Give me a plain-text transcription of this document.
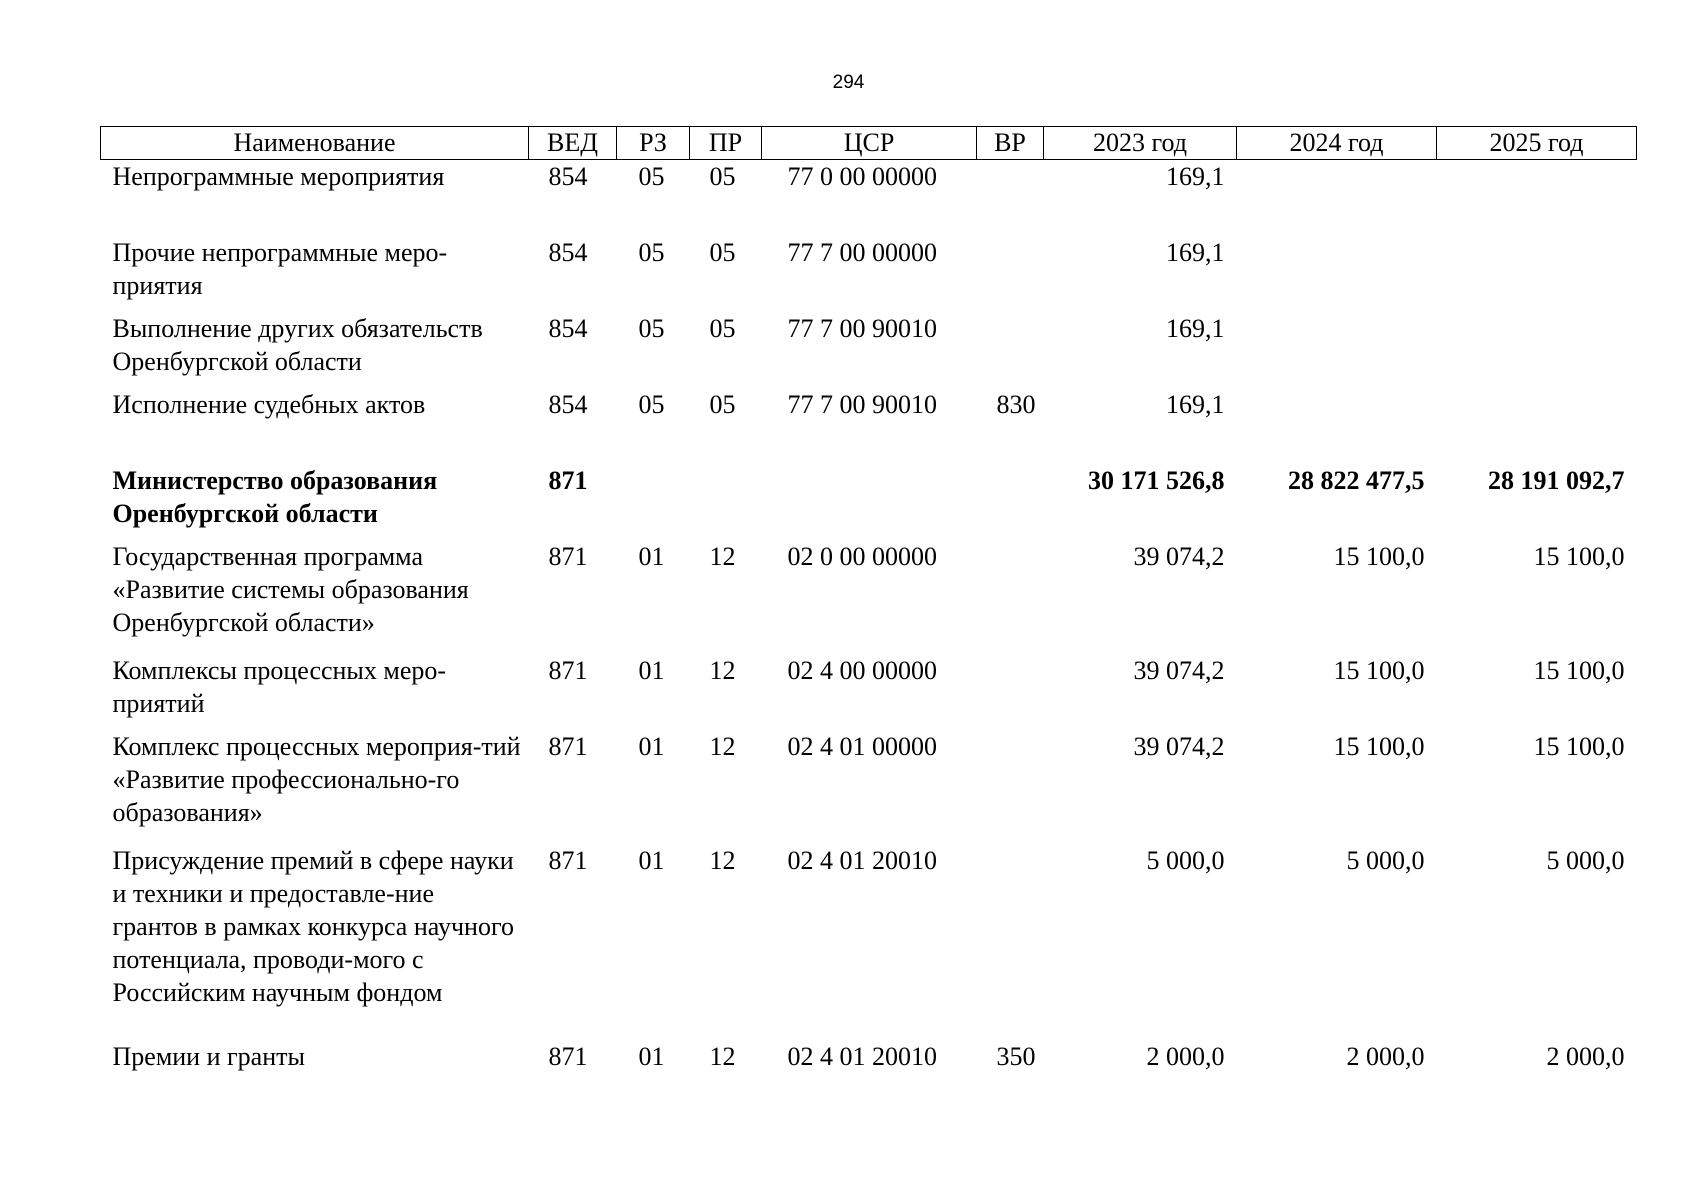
294
Наименование	ВЕД	РЗ	ПР	ЦСР	ВР	2023 год	2024 год	2025 год
Непрограммные мероприятия	854	05	05	77 0 00 00000		169,1		
Прочие непрограммные меро-приятия	854	05	05	77 7 00 00000		169,1		
Выполнение других обязательств Оренбургской области	854	05	05	77 7 00 90010		169,1		
Исполнение судебных актов	854	05	05	77 7 00 90010	830	169,1		
Министерство образования Оренбургской области	871					30 171 526,8	28 822 477,5	28 191 092,7
Государственная программа «Развитие системы образования Оренбургской области»	871	01	12	02 0 00 00000		39 074,2	15 100,0	15 100,0
Комплексы процессных меро-приятий	871	01	12	02 4 00 00000		39 074,2	15 100,0	15 100,0
Комплекс процессных мероприя-тий «Развитие профессионально-го образования»	871	01	12	02 4 01 00000		39 074,2	15 100,0	15 100,0
Присуждение премий в сфере науки и техники и предоставле-ние грантов в рамках конкурса научного потенциала, проводи-мого с Российским научным фондом	871	01	12	02 4 01 20010		5 000,0	5 000,0	5 000,0
Премии и гранты	871	01	12	02 4 01 20010	350	2 000,0	2 000,0	2 000,0
